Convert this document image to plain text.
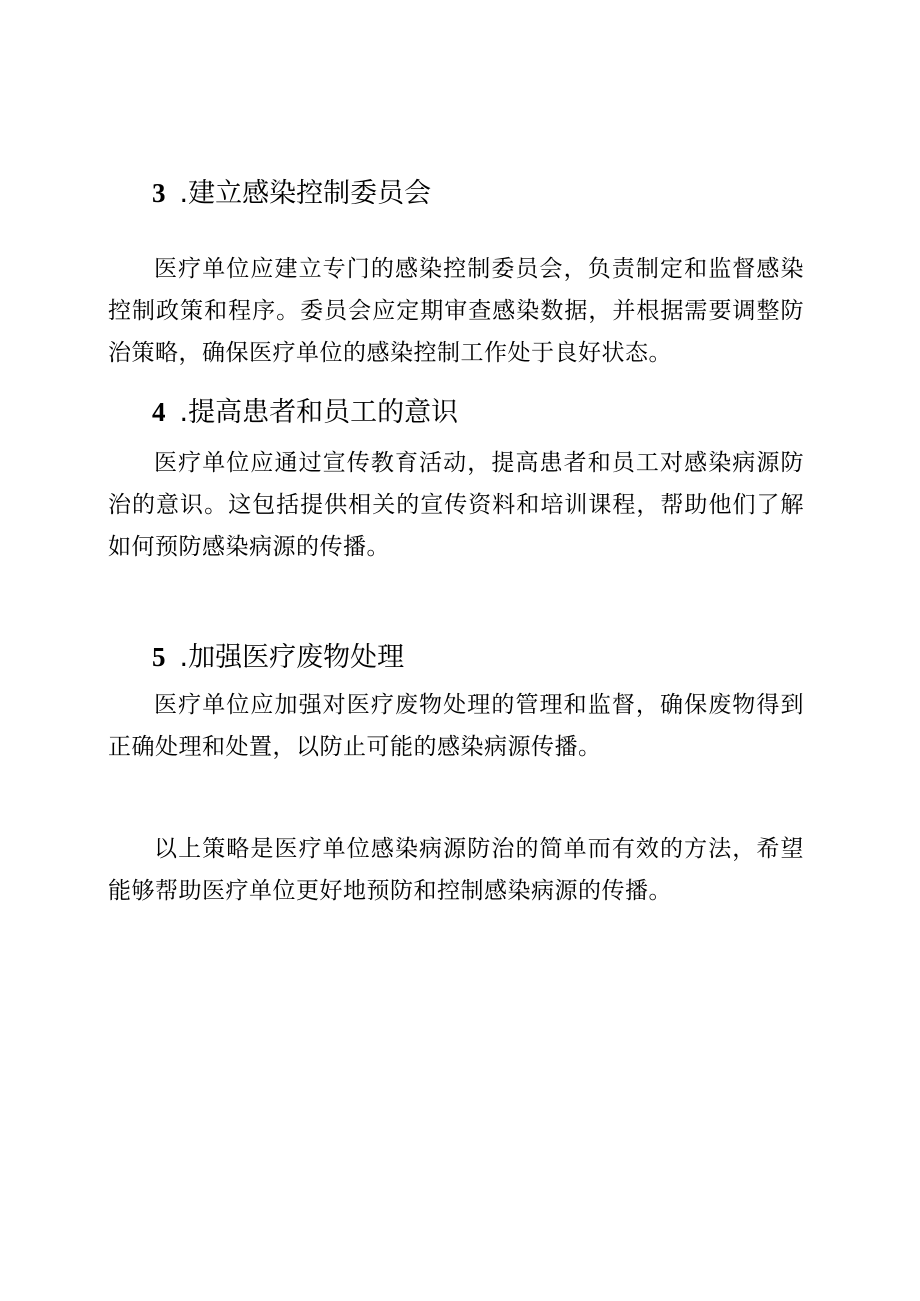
3 .建立感染控制委员会

医疗单位应建立专门的感染控制委员会，负责制定和监督感染控制政策和程序。委员会应定期审查感染数据，并根据需要调整防治策略，确保医疗单位的感染控制工作处于良好状态。

4 .提高患者和员工的意识

医疗单位应通过宣传教育活动，提高患者和员工对感染病源防治的意识。这包括提供相关的宣传资料和培训课程，帮助他们了解如何预防感染病源的传播。

5 .加强医疗废物处理

医疗单位应加强对医疗废物处理的管理和监督，确保废物得到正确处理和处置，以防止可能的感染病源传播。

以上策略是医疗单位感染病源防治的简单而有效的方法，希望能够帮助医疗单位更好地预防和控制感染病源的传播。
